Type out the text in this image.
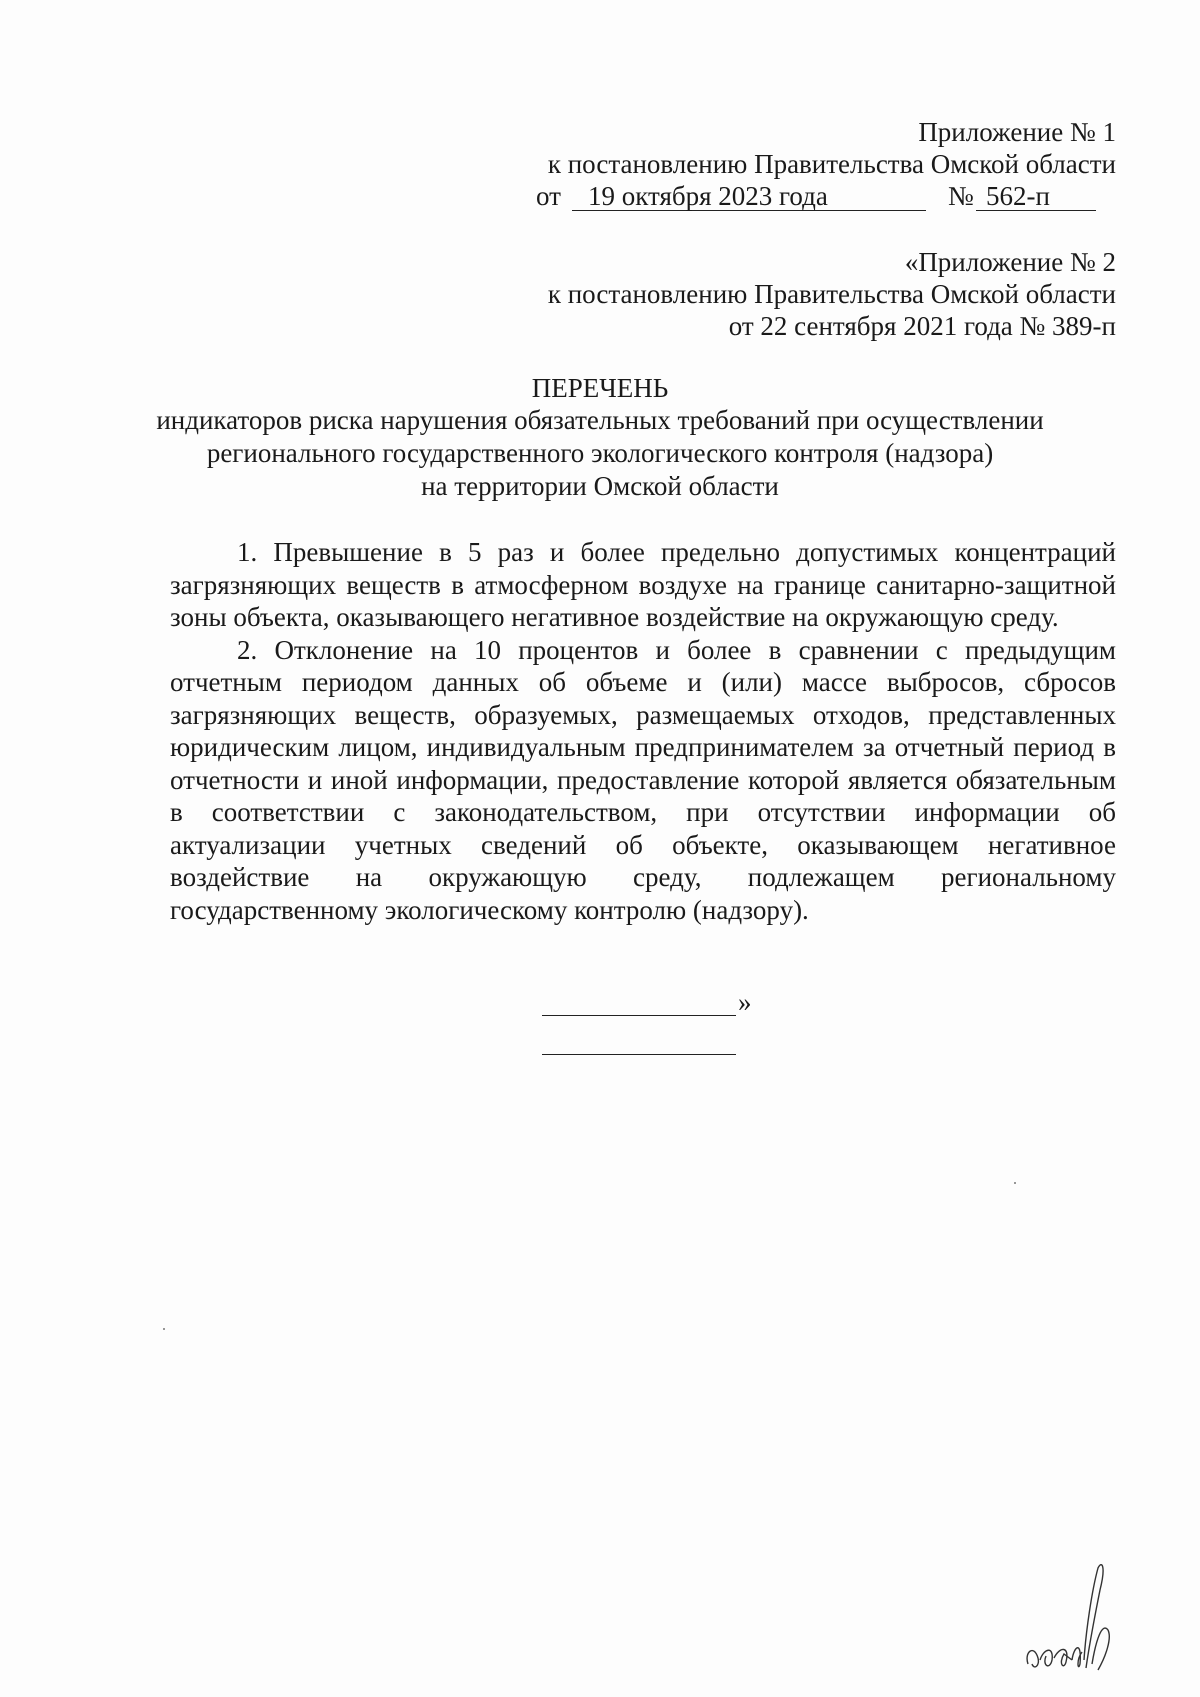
Приложение № 1
к постановлению Правительства Омской области
от 19 октября 2023 года	№ 562-п
«Приложение № 2
к постановлению Правительства Омской области
от 22 сентября 2021 года № 389-п
ПЕРЕЧЕНЬ
индикаторов риска нарушения обязательных требований при осуществлении
регионального государственного экологического контроля (надзора)
на территории Омской области

1. Превышение в 5 раз и более предельно допустимых концентраций загрязняющих веществ в атмосферном воздухе на границе санитарно-защитной зоны объекта, оказывающего негативное воздействие на окружающую среду.

2. Отклонение на 10 процентов и более в сравнении с предыдущим отчетным периодом данных об объеме и (или) массе выбросов, сбросов загрязняющих веществ, образуемых, размещаемых отходов, представленных юридическим лицом, индивидуальным предпринимателем за отчетный период в отчетности и иной информации, предоставление которой является обязательным в соответствии с законодательством, при отсутствии информации об актуализации учетных сведений об объекте, оказывающем негативное воздействие на окружающую среду, подлежащем региональному государственному экологическому контролю (надзору).

»
